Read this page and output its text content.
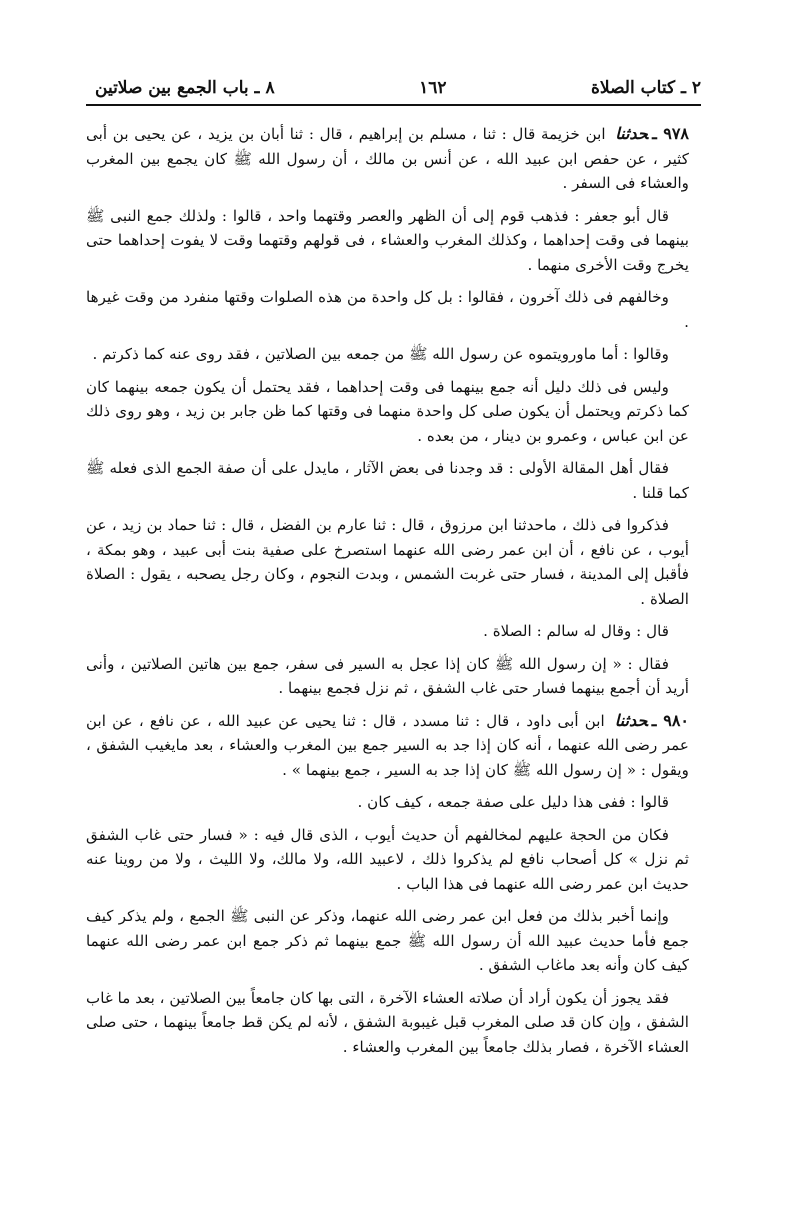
٢ ـ كتاب الصلاة
١٦٢
٨ ـ باب الجمع بين صلاتين

٩٧٨ ـحدثنا ابن خزيمة قال : ثنا ، مسلم بن إبراهيم ، قال : ثنا أبان بن يزيد ، عن يحيى بن أبى كثير ، عن حفص ابن عبيد الله ، عن أنس بن مالك ، أن رسول الله ﷺ كان يجمع بين المغرب والعشاء فى السفر .

قال أبو جعفر : فذهب قوم إلى أن الظهر والعصر وقتهما واحد ، قالوا : ولذلك جمع النبى ﷺ بينهما فى وقت إحداهما ، وكذلك المغرب والعشاء ، فى قولهم وقتهما وقت لا يفوت إحداهما حتى يخرج وقت الأخرى منهما .

وخالفهم فى ذلك آخرون ، فقالوا : بل كل واحدة من هذه الصلوات وقتها منفرد من وقت غيرها .

وقالوا : أما ماورويتموه عن رسول الله ﷺ من جمعه بين الصلاتين ، فقد روى عنه كما ذكرتم .

وليس فى ذلك دليل أنه جمع بينهما فى وقت إحداهما ، فقد يحتمل أن يكون جمعه بينهما كان كما ذكرتم ويحتمل أن يكون صلى كل واحدة منهما فى وقتها كما ظن جابر بن زيد ، وهو روى ذلك عن ابن عباس ، وعمرو بن دينار ، من بعده .

فقال أهل المقالة الأولى : قد وجدنا فى بعض الآثار ، مايدل على أن صفة الجمع الذى فعله ﷺ كما قلنا .

فذكروا فى ذلك ، ماحدثنا ابن مرزوق ، قال : ثنا عارم بن الفضل ، قال : ثنا حماد بن زيد ، عن أيوب ، عن نافع ، أن ابن عمر رضى الله عنهما استصرخ على صفية بنت أبى عبيد ، وهو بمكة ، فأقبل إلى المدينة ، فسار حتى غربت الشمس ، وبدت النجوم ، وكان رجل يصحبه ، يقول : الصلاة الصلاة .

قال : وقال له سالم : الصلاة .

فقال : « إن رسول الله ﷺ كان إذا عجل به السير فى سفر، جمع بين هاتين الصلاتين ، وأنى أريد أن أجمع بينهما فسار حتى غاب الشفق ، ثم نزل فجمع بينهما .

٩٨٠ ـحدثنا ابن أبى داود ، قال : ثنا مسدد ، قال : ثنا يحيى عن عبيد الله ، عن نافع ، عن ابن عمر رضى الله عنهما ، أنه كان إذا جد به السير جمع بين المغرب والعشاء ، بعد مايغيب الشفق ، ويقول : « إن رسول الله ﷺ كان إذا جد به السير ، جمع بينهما » .

قالوا : ففى هذا دليل على صفة جمعه ، كيف كان .

فكان من الحجة عليهم لمخالفهم أن حديث أيوب ، الذى قال فيه : « فسار حتى غاب الشفق ثم نزل » كل أصحاب نافع لم يذكروا ذلك ، لاعبيد الله، ولا مالك، ولا الليث ، ولا من روينا عنه حديث ابن عمر رضى الله عنهما فى هذا الباب .

وإنما أخبر بذلك من فعل ابن عمر رضى الله عنهما، وذكر عن النبى ﷺ الجمع ، ولم يذكر كيف جمع فأما حديث عبيد الله أن رسول الله ﷺ جمع بينهما ثم ذكر جمع ابن عمر رضى الله عنهما كيف كان وأنه بعد ماغاب الشفق .

فقد يجوز أن يكون أراد أن صلاته العشاء الآخرة ، التى بها كان جامعاً بين الصلاتين ، بعد ما غاب الشفق ، وإن كان قد صلى المغرب قبل غيبوبة الشفق ، لأنه لم يكن قط جامعاً بينهما ، حتى صلى العشاء الآخرة ، فصار بذلك جامعاً بين المغرب والعشاء .
